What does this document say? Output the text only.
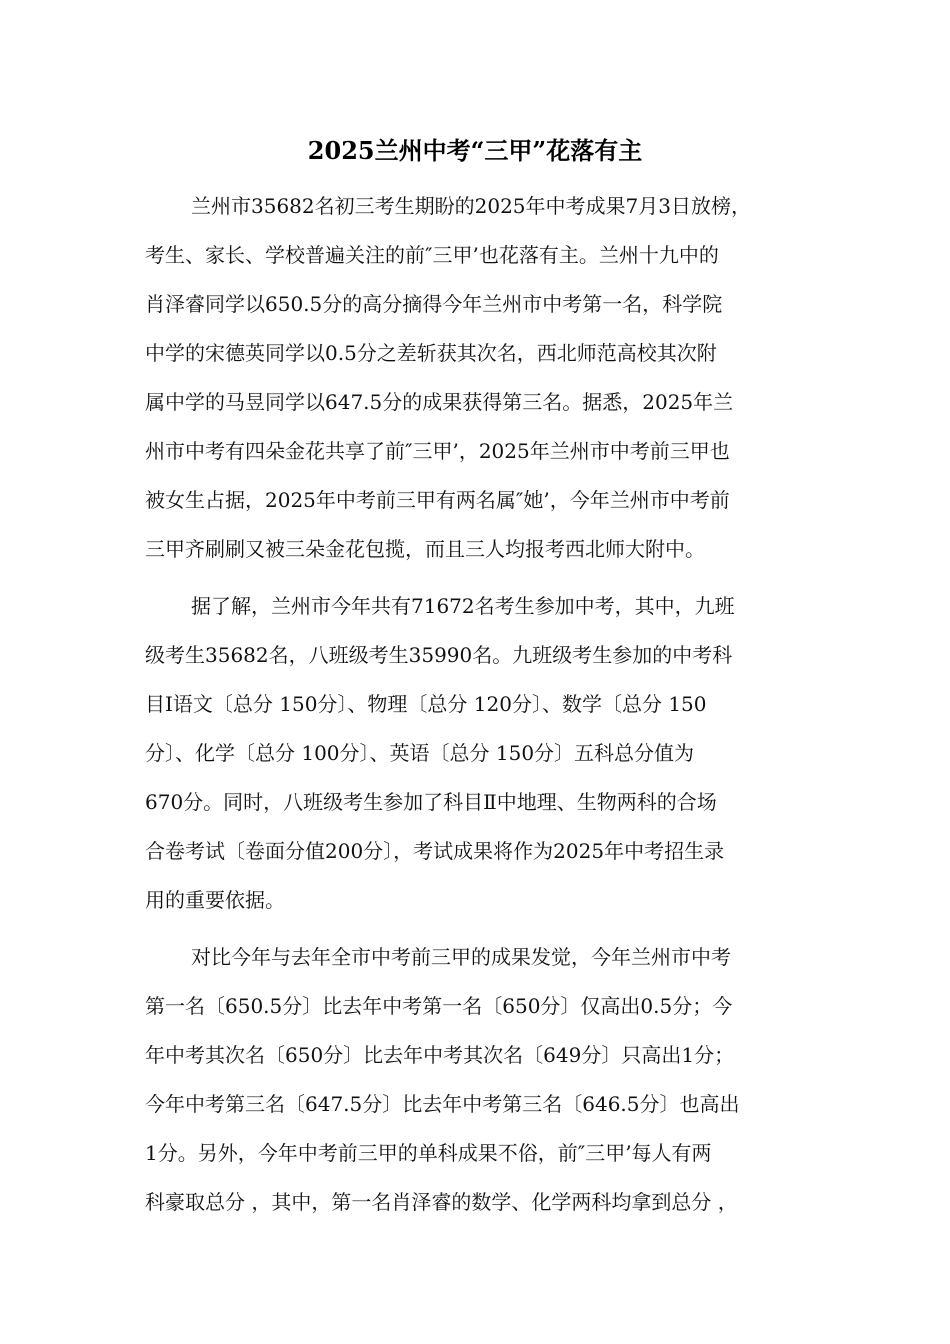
2025兰州中考“三甲”花落有主
兰州市35682名初三考生期盼的2025年中考成果7月3日放榜，
考生、家长、学校普遍关注的前″三甲’也花落有主。兰州十九中的
肖泽睿同学以650.5分的高分摘得今年兰州市中考第一名，科学院
中学的宋德英同学以0.5分之差斩获其次名，西北师范高校其次附
属中学的马昱同学以647.5分的成果获得第三名。据悉，2025年兰
州市中考有四朵金花共享了前″三甲’，2025年兰州市中考前三甲也
被女生占据，2025年中考前三甲有两名属″她’，今年兰州市中考前
三甲齐刷刷又被三朵金花包揽，而且三人均报考西北师大附中。
据了解，兰州市今年共有71672名考生参加中考，其中，九班
级考生35682名，八班级考生35990名。九班级考生参加的中考科
目Ⅰ语文〔总分 150分〕、物理〔总分 120分〕、数学〔总分 150
分〕、化学〔总分 100分〕、英语〔总分 150分〕五科总分值为
670分。同时，八班级考生参加了科目Ⅱ中地理、生物两科的合场
合卷考试〔卷面分值200分〕，考试成果将作为2025年中考招生录
用的重要依据。
对比今年与去年全市中考前三甲的成果发觉，今年兰州市中考
第一名〔650.5分〕比去年中考第一名〔650分〕仅高出0.5分；今
年中考其次名〔650分〕比去年中考其次名〔649分〕只高出1分；
今年中考第三名〔647.5分〕比去年中考第三名〔646.5分〕也高出
1分。另外，今年中考前三甲的单科成果不俗，前″三甲’每人有两
科豪取总分 ，其中，第一名肖泽睿的数学、化学两科均拿到总分 ，
